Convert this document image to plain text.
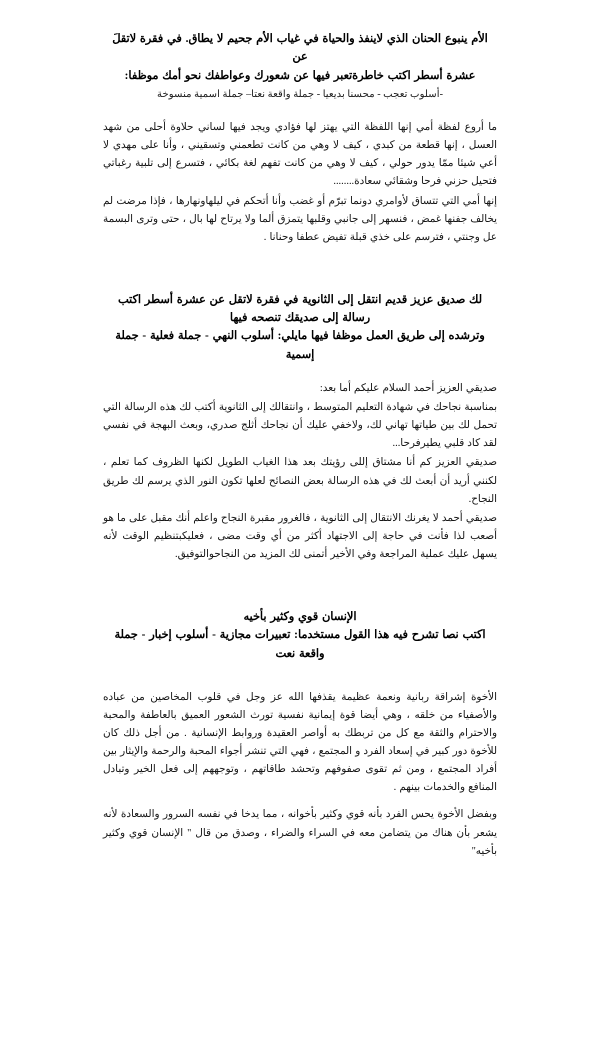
الأم ينبوع الحنان الذي لاينفذ والحياة في غياب الأم جحيم لا يطاق. في فقرة لاتقلَ عن
عشرة أسطر اكتب خاطرةتعبر فيها عن شعورك وعواطفك نحو أمك موظفا:
-أسلوب تعجب - محسنا بديعيا - جملة واقعة نعتا– جملة اسمية منسوخة

ما أروع لفظة أمي إنها اللفظة التي يهتز لها فؤادي ويجد فيها لساني حلاوة أحلى من شهد العسل ، إنها قطعة من كبدي ، كيف لا وهي من كانت تطعمني وتسقيني ، وأنا على مهدي لا أعي شيئا ممّا يدور حولي ، كيف لا وهي من كانت تفهم لغة بكائي ، فتسرع إلى تلبية رغباتي فتحيل حزني فرحا وشقائي سعادة........

إنها أمي التي تتساق لأوامري دونما تبرّم أو غضب وأنا أتحكم في ليلهاونهارها ، فإذا مرضت لم يخالف جفنها غمض ، فنسهر إلى جانبي وقلبها يتمزق ألما ولا يرتاح لها بال ، حتى وترى البسمة عل وجنتي ، فترسم على خذي قبلة تفيض عطفا وحنانا .

لك صديق عزيز قديم انتقل إلى الثانوية في فقرة لاتقل عن عشرة أسطر اكتب رسالة إلى صديقك تنصحه فيها
وترشده إلى طريق العمل موظفا فيها مايلي: أسلوب النهي - جملة فعلية - جملة إسمية

صديقي العزيز أحمد السلام عليكم أما بعد:

بمناسبة نجاحك في شهادة التعليم المتوسط ، وانتقالك إلى الثانوية أكتب لك هذه الرسالة التي تحمل لك بين طياتها تهاني لك، ولاخفي عليك أن نجاحك أثلج صدري، وبعث البهجة في نفسي لقد كاد قلبي يطيرفرحا...

صديقي العزيز كم أنا مشتاق إللى رؤيتك بعد هذا الغياب الطويل لكنها الظروف كما تعلم ، لكنني أريد أن أبعث لك في هذه الرسالة بعض النصائح لعلها تكون النور الذي يرسم لك طريق النجاح.

صديقي أحمد لا يغرنك الانتقال إلى الثانوية ، فالغرور مقبرة النجاح واعلم أنك مقبل على ما هو أصعب لذا فأنت في حاجة إلى الاجتهاد أكثر من أي وقت مضى ، فعليكبتنظيم الوقت لأنه يسهل عليك عملية المراجعة وفي الأخير أتمنى لك المزيد من النجاحوالتوفيق.

الإنسان قوي وكثير بأخيه
اكتب نصا تشرح فيه هذا القول مستخدما: تعبيرات مجازية - أسلوب إخبار - جملة واقعة نعت

الأخوة إشراقة ربانية ونعمة عظيمة يقذفها الله عز وجل في قلوب المخاصين من عباده والأصفياء من خلقه ، وهي أيضا قوة إيمانية نفسية تورث الشعور العميق بالعاطفة والمحبة والاحترام والثقة مع كل من تربطك به أواصر العقيدة وروابط الإنسانية . من أجل ذلك كان للأخوة دور كبير في إسعاد الفرد و المجتمع ، فهي التي تنشر أجواء المحبة والرحمة والإيثار بين أفراد المجتمع ، ومن ثم تقوى صفوفهم وتحشد طاقاتهم ، وتوجههم إلى فعل الخير وتبادل المنافع والخدمات بينهم .

وبفضل الأخوة يحس الفرد بأنه قوي وكثير بأخوانه ، مما يدخا في نفسه السرور والسعادة لأنه يشعر بأن هناك من يتضامن معه في السراء والضراء ، وصدق من قال " الإنسان قوي وكثير بأخيه"
